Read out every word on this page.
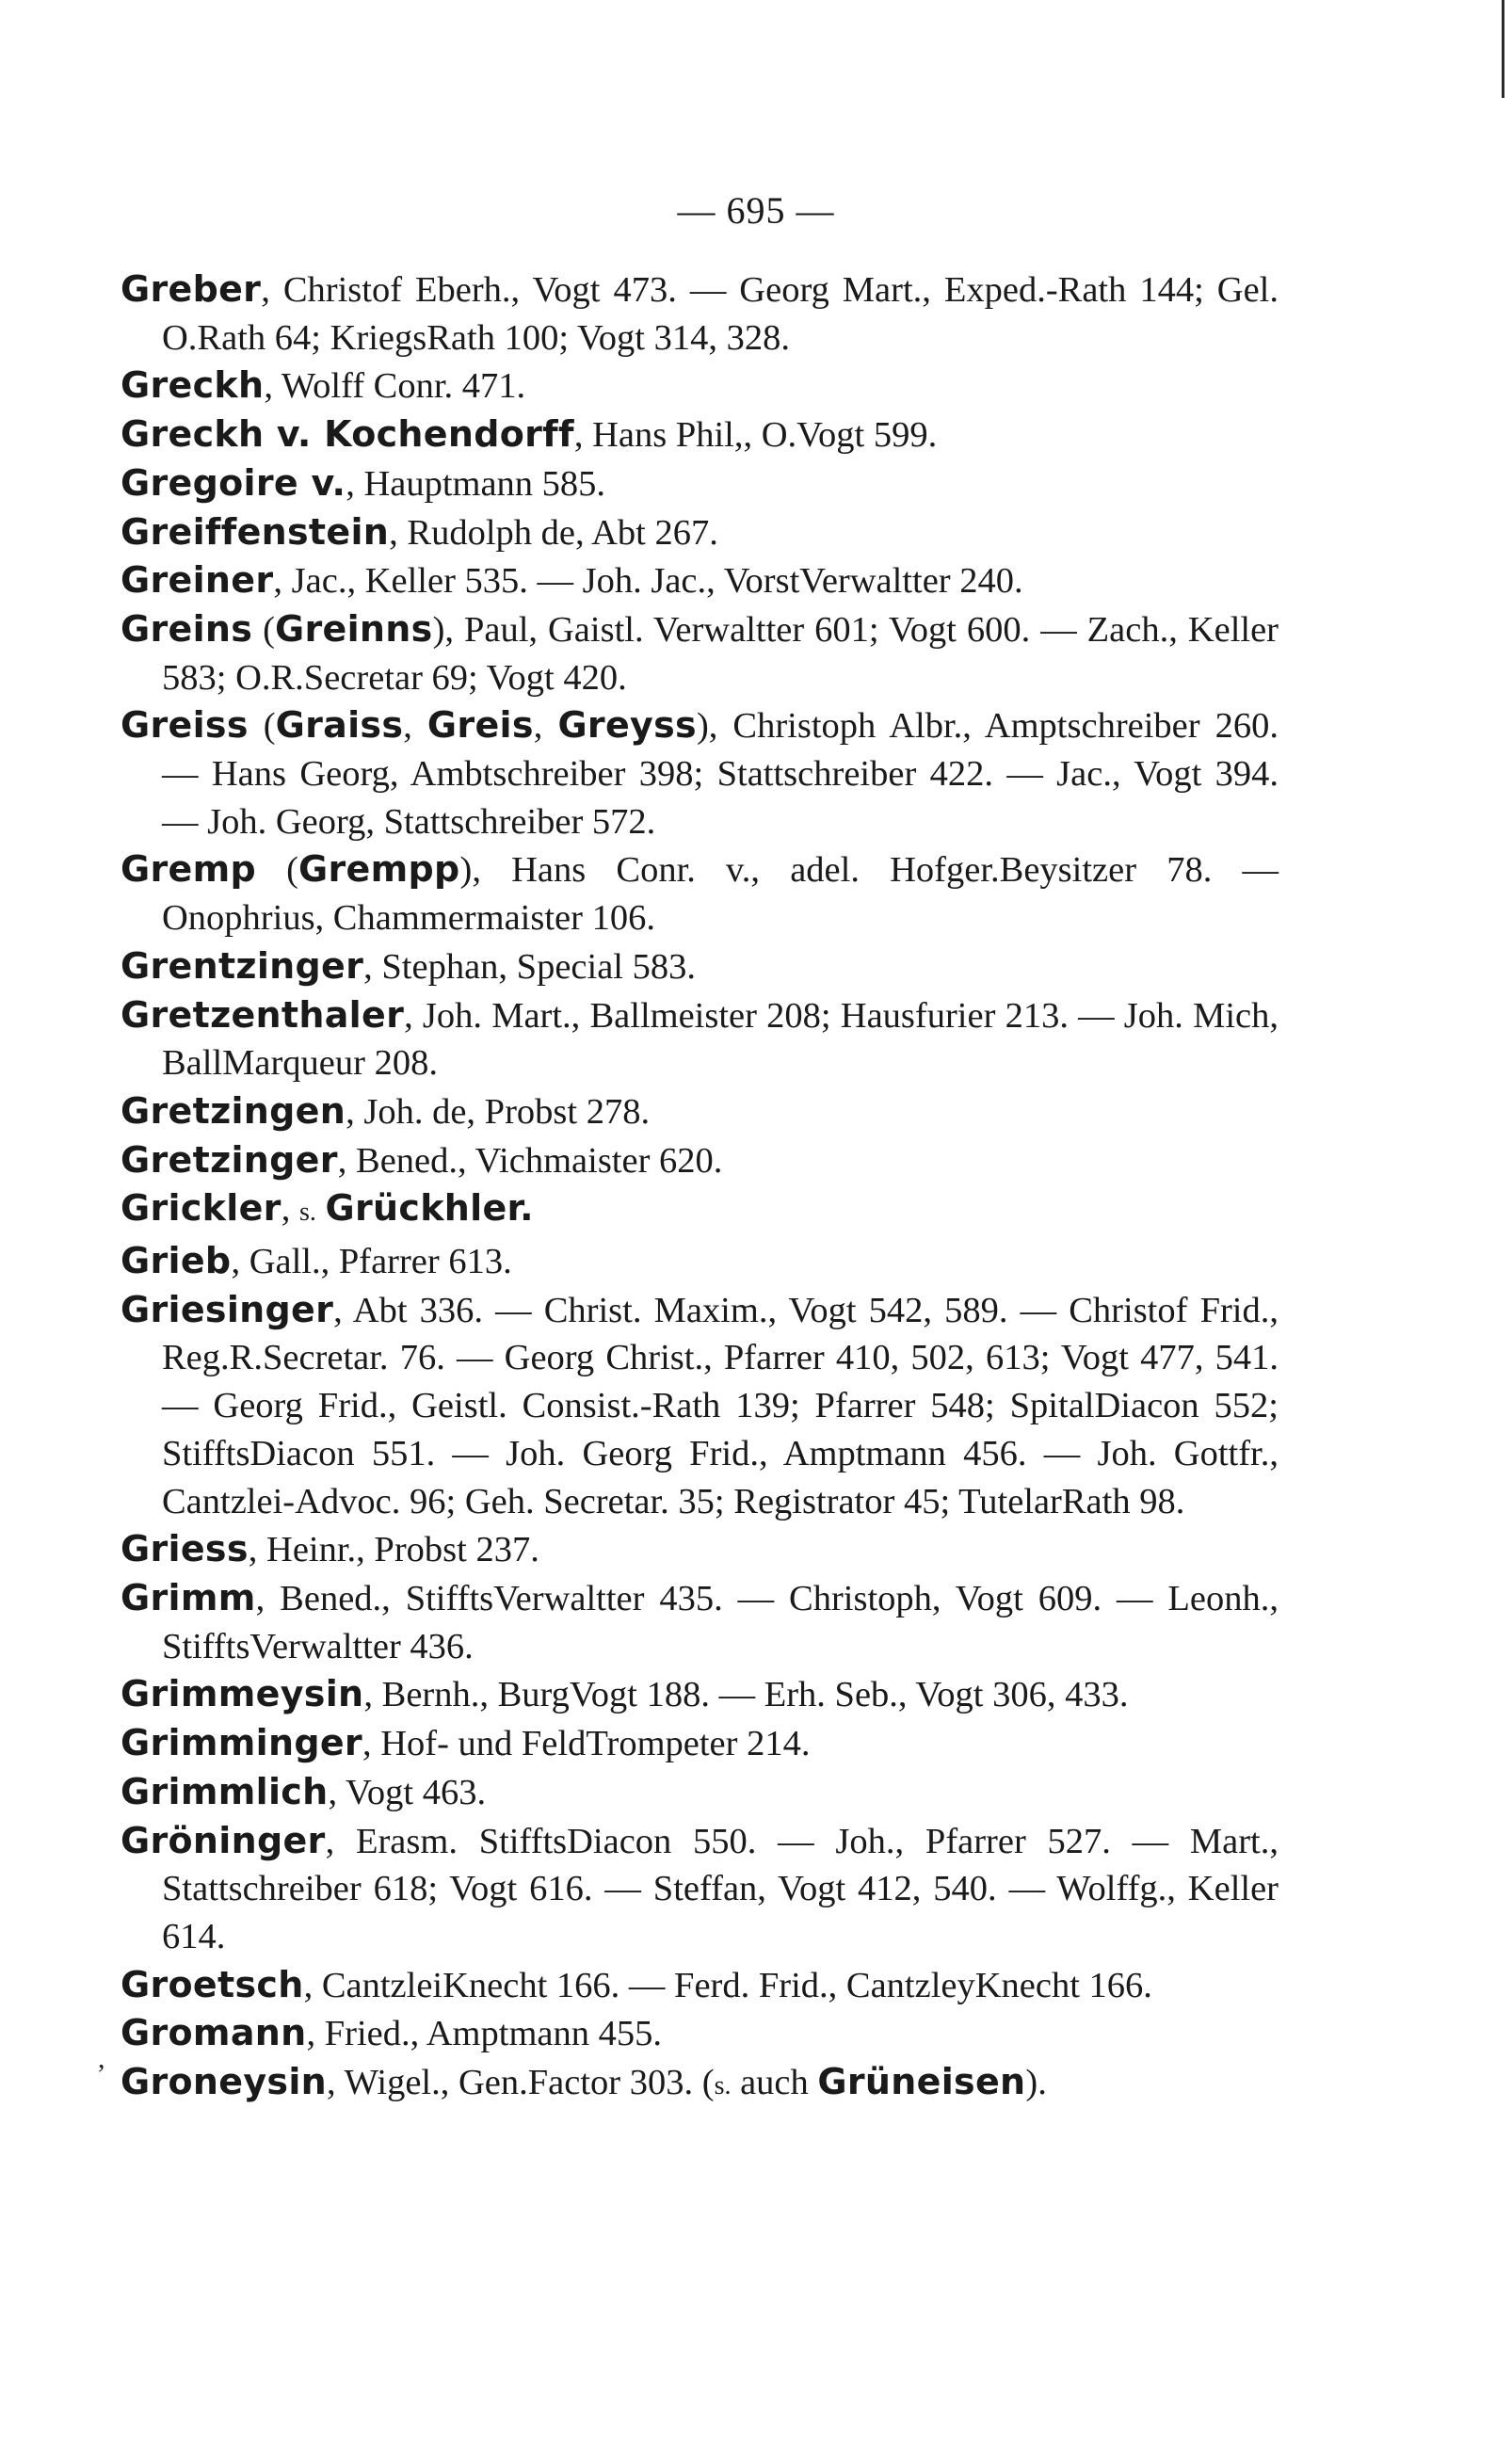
— 695 —
,
Greber, Christof Eberh., Vogt 473. — Georg Mart., Exped.-Rath 144; Gel. O.Rath 64; KriegsRath 100; Vogt 314, 328.
Greckh, Wolff Conr. 471.
Greckh v. Kochendorff, Hans Phil,, O.Vogt 599.
Gregoire v., Hauptmann 585.
Greiffenstein, Rudolph de, Abt 267.
Greiner, Jac., Keller 535. — Joh. Jac., VorstVerwaltter 240.
Greins (Greinns), Paul, Gaistl. Verwaltter 601; Vogt 600. — Zach., Keller 583; O.R.Secretar 69; Vogt 420.
Greiss (Graiss, Greis, Greyss), Christoph Albr., Amptschreiber 260. — Hans Georg, Ambtschreiber 398; Stattschreiber 422. — Jac., Vogt 394. — Joh. Georg, Stattschreiber 572.
Gremp (Grempp), Hans Conr. v., adel. Hofger.Beysitzer 78. — Onophrius, Chammermaister 106.
Grentzinger, Stephan, Special 583.
Gretzenthaler, Joh. Mart., Ballmeister 208; Hausfurier 213. — Joh. Mich, BallMarqueur 208.
Gretzingen, Joh. de, Probst 278.
Gretzinger, Bened., Vichmaister 620.
Grickler, s. Grückhler.
Grieb, Gall., Pfarrer 613.
Griesinger, Abt 336. — Christ. Maxim., Vogt 542, 589. — Christof Frid., Reg.R.Secretar. 76. — Georg Christ., Pfarrer 410, 502, 613; Vogt 477, 541. — Georg Frid., Geistl. Consist.-Rath 139; Pfarrer 548; SpitalDiacon 552; StifftsDiacon 551. — Joh. Georg Frid., Amptmann 456. — Joh. Gottfr., Cantzlei-Advoc. 96; Geh. Secretar. 35; Registrator 45; TutelarRath 98.
Griess, Heinr., Probst 237.
Grimm, Bened., StifftsVerwaltter 435. — Christoph, Vogt 609. — Leonh., StifftsVerwaltter 436.
Grimmeysin, Bernh., BurgVogt 188. — Erh. Seb., Vogt 306, 433.
Grimminger, Hof- und FeldTrompeter 214.
Grimmlich, Vogt 463.
Gröninger, Erasm. StifftsDiacon 550. — Joh., Pfarrer 527. — Mart., Stattschreiber 618; Vogt 616. — Steffan, Vogt 412, 540. — Wolffg., Keller 614.
Groetsch, CantzleiKnecht 166. — Ferd. Frid., CantzleyKnecht 166.
Gromann, Fried., Amptmann 455.
Groneysin, Wigel., Gen.Factor 303. (s. auch Grüneisen).
